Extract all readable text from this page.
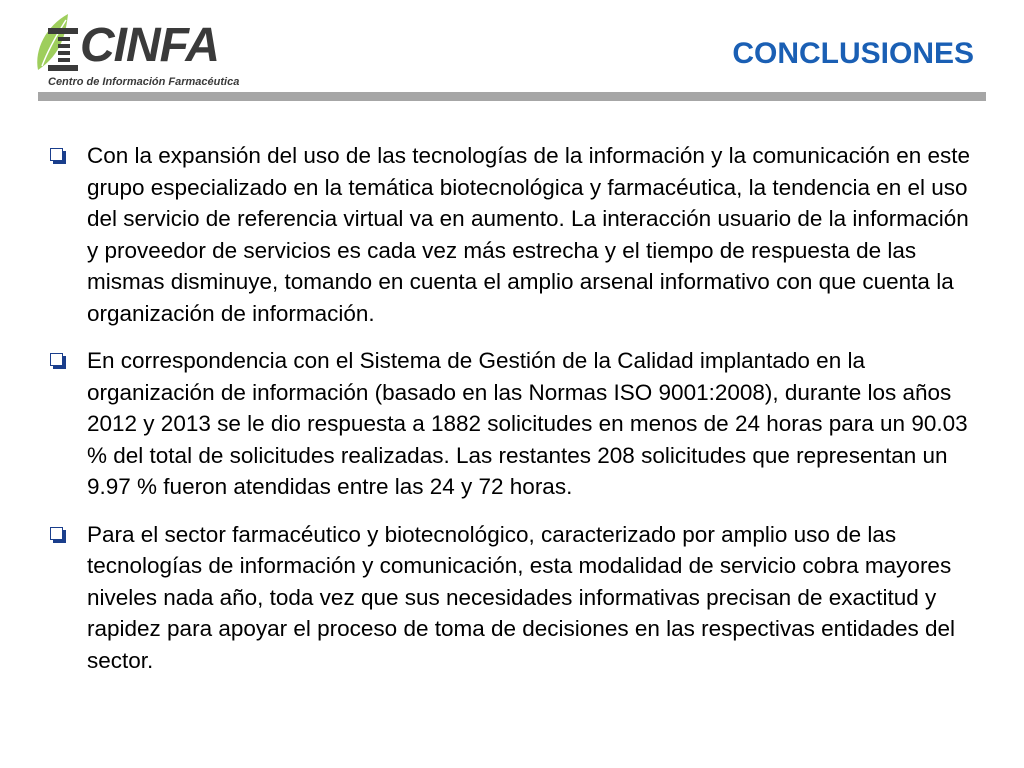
CINFA
Centro de Información Farmacéutica
CONCLUSIONES
Con la expansión del uso de las tecnologías de la información y la comunicación en este grupo especializado en la temática biotecnológica y farmacéutica, la tendencia en el uso del servicio de referencia virtual va en aumento. La interacción usuario de la información y proveedor de servicios es cada vez más estrecha y el tiempo de respuesta de las mismas disminuye, tomando en cuenta el amplio arsenal informativo con que cuenta la organización de información.
En correspondencia con el Sistema de Gestión de la Calidad implantado en la organización de información (basado en las Normas ISO 9001:2008), durante los años 2012 y 2013 se le dio respuesta a 1882 solicitudes en menos de 24 horas para un 90.03 % del total de solicitudes realizadas. Las restantes 208 solicitudes que representan un 9.97 % fueron atendidas entre las 24 y 72 horas.
Para el sector farmacéutico y biotecnológico, caracterizado por amplio uso de las tecnologías de información y comunicación, esta modalidad de servicio cobra mayores niveles nada año, toda vez que sus necesidades informativas precisan de exactitud y rapidez para apoyar el proceso de toma de decisiones en las respectivas entidades del sector.
